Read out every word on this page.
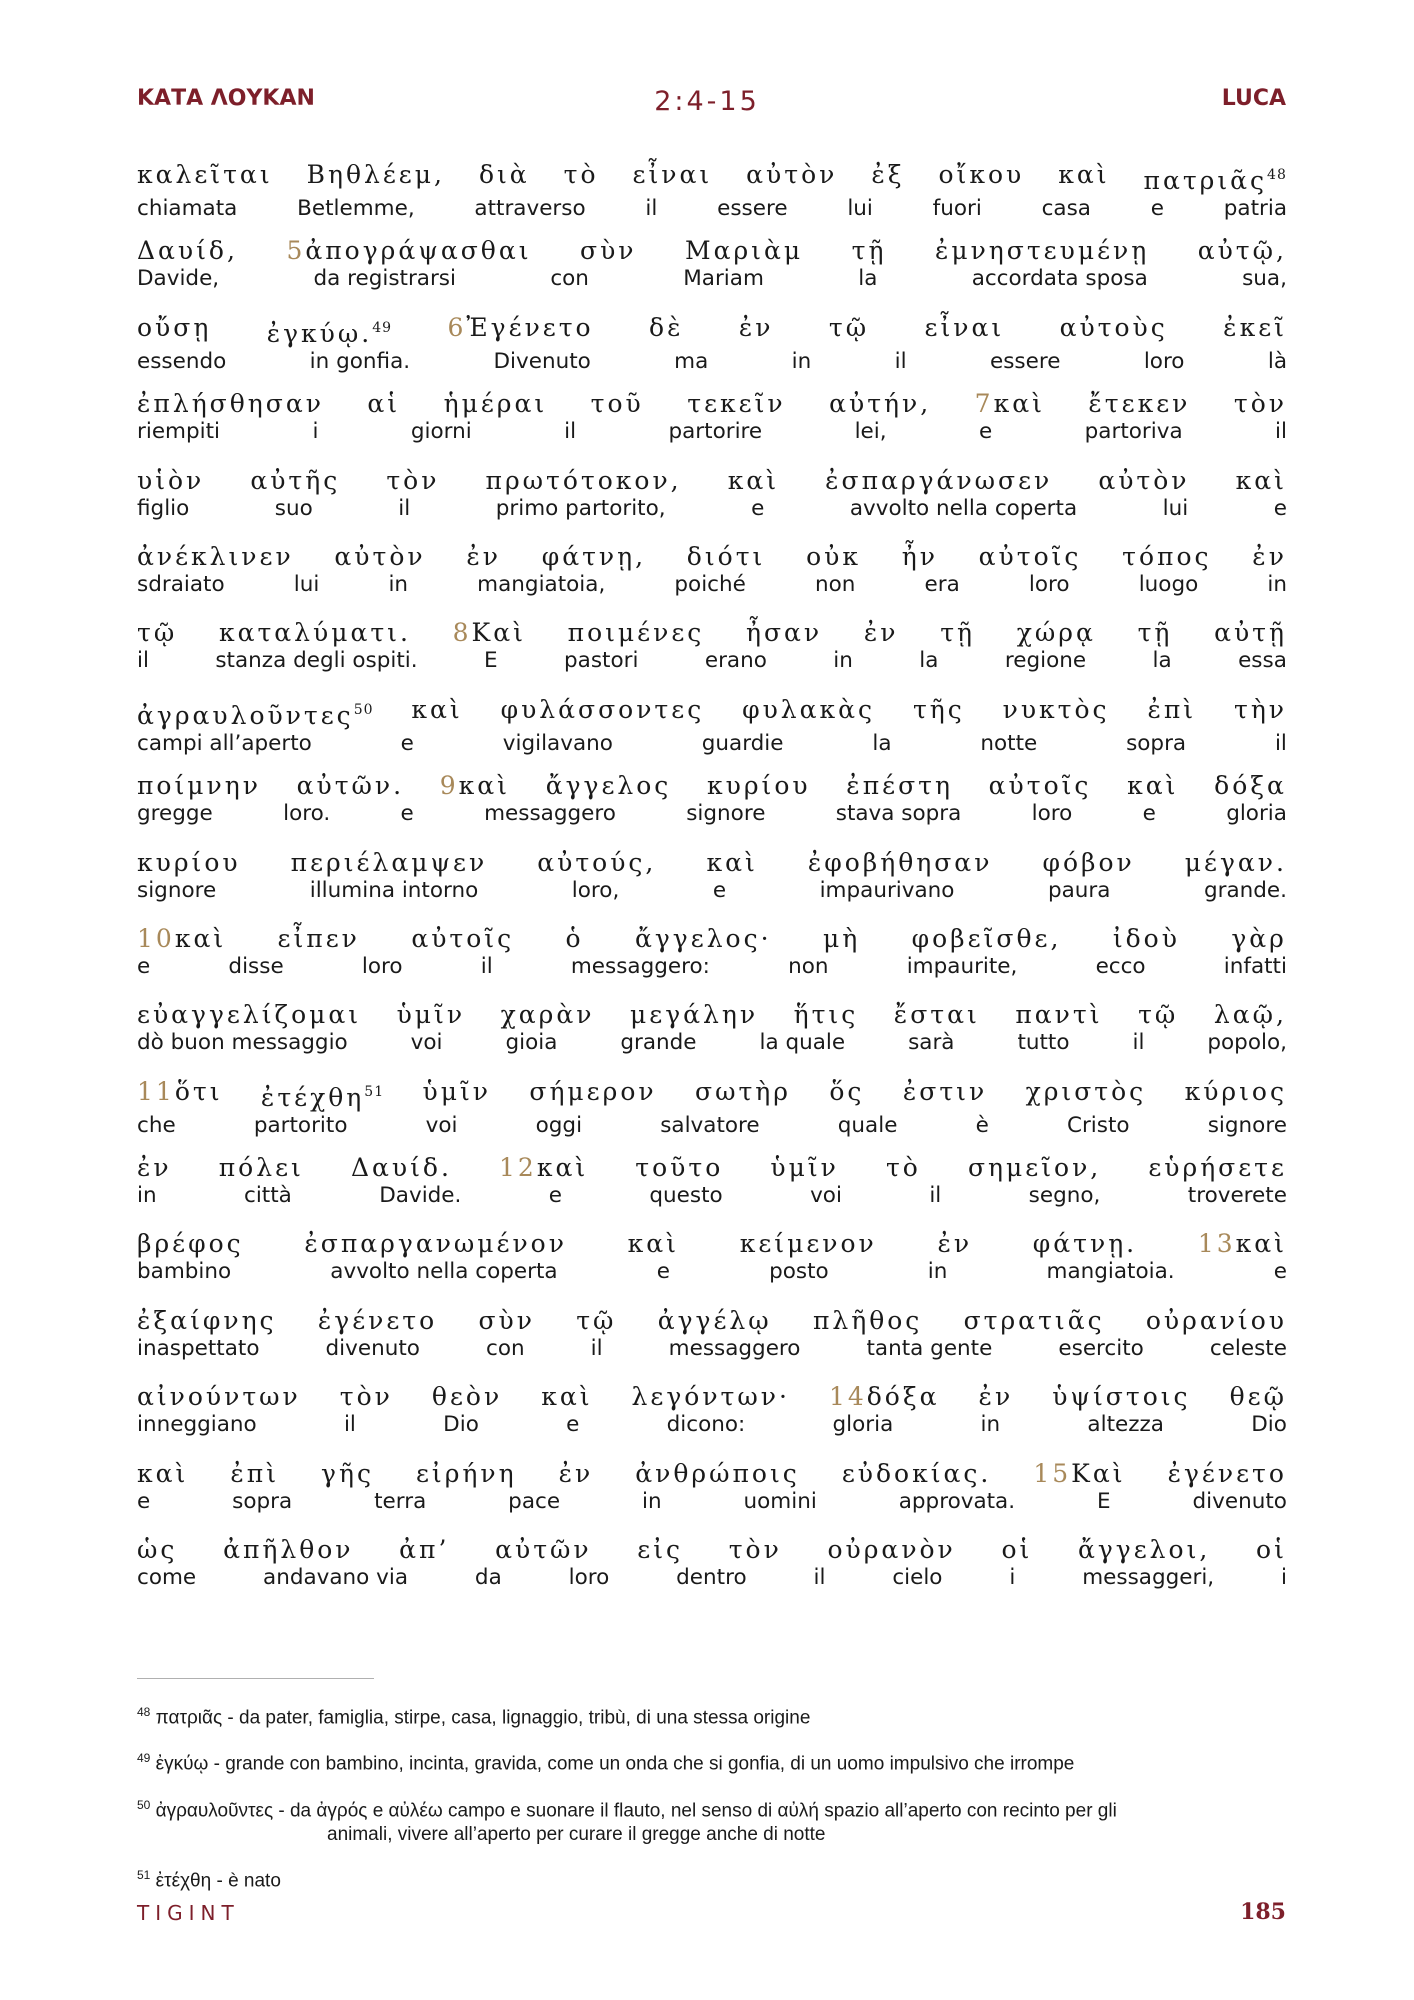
ΚΑΤΑ ΛΟΥΚΑΝ	2:4-15	LUCA
καλεῖται Βηθλέεμ, διὰ τὸ εἶναι αὐτὸν ἐξ οἴκου καὶ πατριᾶς$^{48}$
chiamata	Betlemme,	attraverso	il	essere	lui	fuori	casa	e	patria
Δαυίδ, 5ἀπογράψασθαι σὺν Μαριὰμ τῇ ἐμνηστευμένῃ αὐτῷ,
Davide,	da registrarsi	con	Mariam	la	accordata sposa	sua,
οὔσῃ ἐγκύῳ.$^{49}$ 6Ἐγένετο δὲ ἐν τῷ εἶναι αὐτοὺς ἐκεῖ
essendo	in gonfia.	Divenuto	ma	in	il	essere	loro	là
ἐπλήσθησαν αἱ ἡμέραι τοῦ τεκεῖν αὐτήν, 7καὶ ἔτεκεν τὸν
riempiti	i	giorni	il	partorire	lei,	e	partoriva	il
υἱὸν αὐτῆς τὸν πρωτότοκον, καὶ ἐσπαργάνωσεν αὐτὸν καὶ
figlio	suo	il	primo partorito,	e	avvolto nella coperta	lui	e
ἀνέκλινεν αὐτὸν ἐν φάτνῃ, διότι οὐκ ἦν αὐτοῖς τόπος ἐν
sdraiato	lui	in	mangiatoia,	poiché	non	era	loro	luogo	in
τῷ καταλύματι. 8Καὶ ποιμένες ἦσαν ἐν τῇ χώρᾳ τῇ αὐτῇ
il	stanza degli ospiti.	E	pastori	erano	in	la	regione	la	essa
ἀγραυλοῦντες$^{50}$ καὶ φυλάσσοντες φυλακὰς τῆς νυκτὸς ἐπὶ τὴν
campi all’aperto	e	vigilavano	guardie	la	notte	sopra	il
ποίμνην αὐτῶν. 9καὶ ἄγγελος κυρίου ἐπέστη αὐτοῖς καὶ δόξα
gregge	loro.	e	messaggero	signore	stava sopra	loro	e	gloria
κυρίου περιέλαμψεν αὐτούς, καὶ ἐφοβήθησαν φόβον μέγαν.
signore	illumina intorno	loro,	e	impaurivano	paura	grande.
10καὶ εἶπεν αὐτοῖς ὁ ἄγγελος· μὴ φοβεῖσθε, ἰδοὺ γὰρ
e	disse	loro	il	messaggero:	non	impaurite,	ecco	infatti
εὐαγγελίζομαι ὑμῖν χαρὰν μεγάλην ἥτις ἔσται παντὶ τῷ λαῷ,
dò buon messaggio	voi	gioia	grande	la quale	sarà	tutto	il	popolo,
11ὅτι ἐτέχθη$^{51}$ ὑμῖν σήμερον σωτὴρ ὅς ἐστιν χριστὸς κύριος
che	partorito	voi	oggi	salvatore	quale	è	Cristo	signore
ἐν πόλει Δαυίδ. 12καὶ τοῦτο ὑμῖν τὸ σημεῖον, εὑρήσετε
in	città	Davide.	e	questo	voi	il	segno,	troverete
βρέφος ἐσπαργανωμένον καὶ κείμενον ἐν φάτνῃ. 13καὶ
bambino	avvolto nella coperta	e	posto	in	mangiatoia.	e
ἐξαίφνης ἐγένετο σὺν τῷ ἀγγέλῳ πλῆθος στρατιᾶς οὐρανίου
inaspettato	divenuto	con	il	messaggero	tanta gente	esercito	celeste
αἰνούντων τὸν θεὸν καὶ λεγόντων· 14δόξα ἐν ὑψίστοις θεῷ
inneggiano	il	Dio	e	dicono:	gloria	in	altezza	Dio
καὶ ἐπὶ γῆς εἰρήνη ἐν ἀνθρώποις εὐδοκίας. 15Καὶ ἐγένετο
e	sopra	terra	pace	in	uomini	approvata.	E	divenuto
ὡς ἀπῆλθον ἀπ’ αὐτῶν εἰς τὸν οὐρανὸν οἱ ἄγγελοι, οἱ
come	andavano via	da	loro	dentro	il	cielo	i	messaggeri,	i
$^{48}$ πατριᾶς - da pater, famiglia, stirpe, casa, lignaggio, tribù, di una stessa origine
$^{49}$ ἐγκύῳ - grande con bambino, incinta, gravida, come un onda che si gonfia, di un uomo impulsivo che irrompe
$^{50}$ ἀγραυλοῦντες - da ἀγρός e αὐλέω campo e suonare il flauto, nel senso di αὐλή spazio all’aperto con recinto per gli
animali, vivere all’aperto per curare il gregge anche di notte
$^{51}$ ἐτέχθη - è nato
TIGINT	185
